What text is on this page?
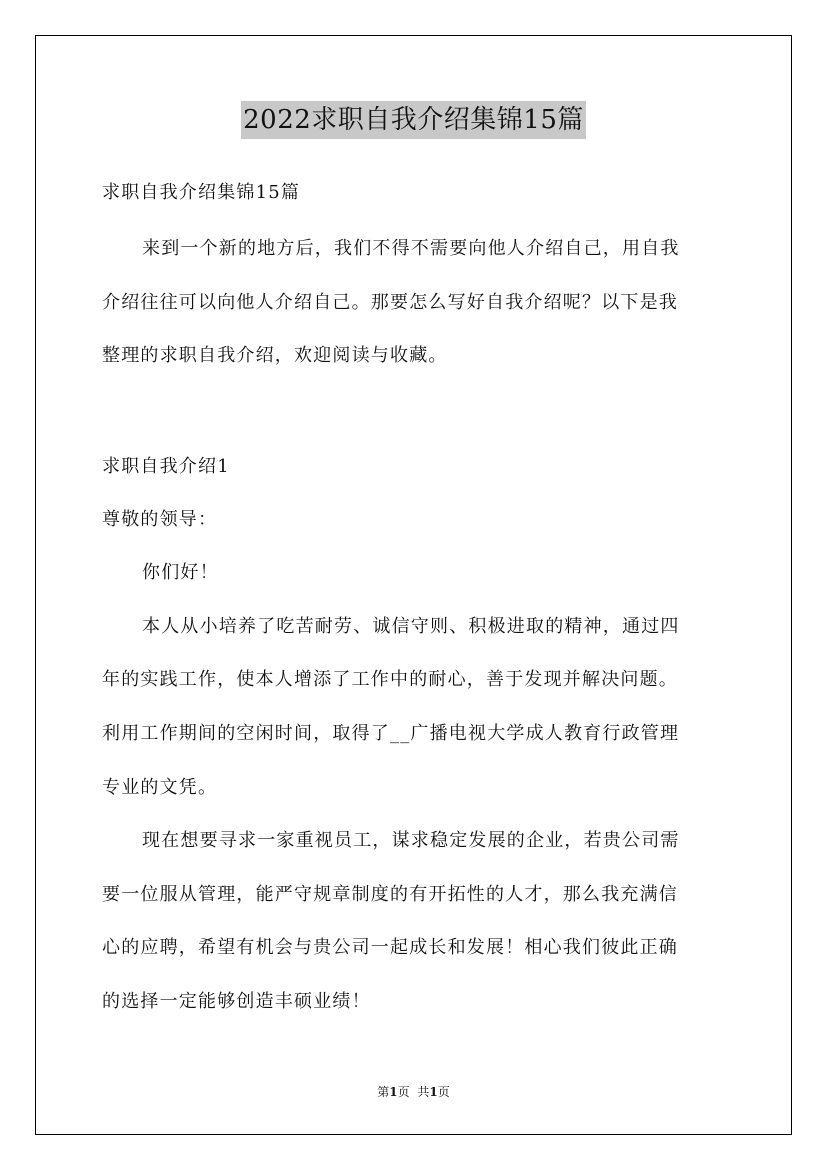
2022求职自我介绍集锦15篇
求职自我介绍集锦15篇
来到一个新的地方后，我们不得不需要向他人介绍自己，用自我
介绍往往可以向他人介绍自己。那要怎么写好自我介绍呢？以下是我
整理的求职自我介绍，欢迎阅读与收藏。
求职自我介绍1
尊敬的领导：
你们好！
本人从小培养了吃苦耐劳、诚信守则、积极进取的精神，通过四
年的实践工作，使本人增添了工作中的耐心，善于发现并解决问题。
利用工作期间的空闲时间，取得了__广播电视大学成人教育行政管理
专业的文凭。
现在想要寻求一家重视员工，谋求稳定发展的企业，若贵公司需
要一位服从管理，能严守规章制度的有开拓性的人才，那么我充满信
心的应聘，希望有机会与贵公司一起成长和发展！相心我们彼此正确
的选择一定能够创造丰硕业绩！
第1页 共1页
